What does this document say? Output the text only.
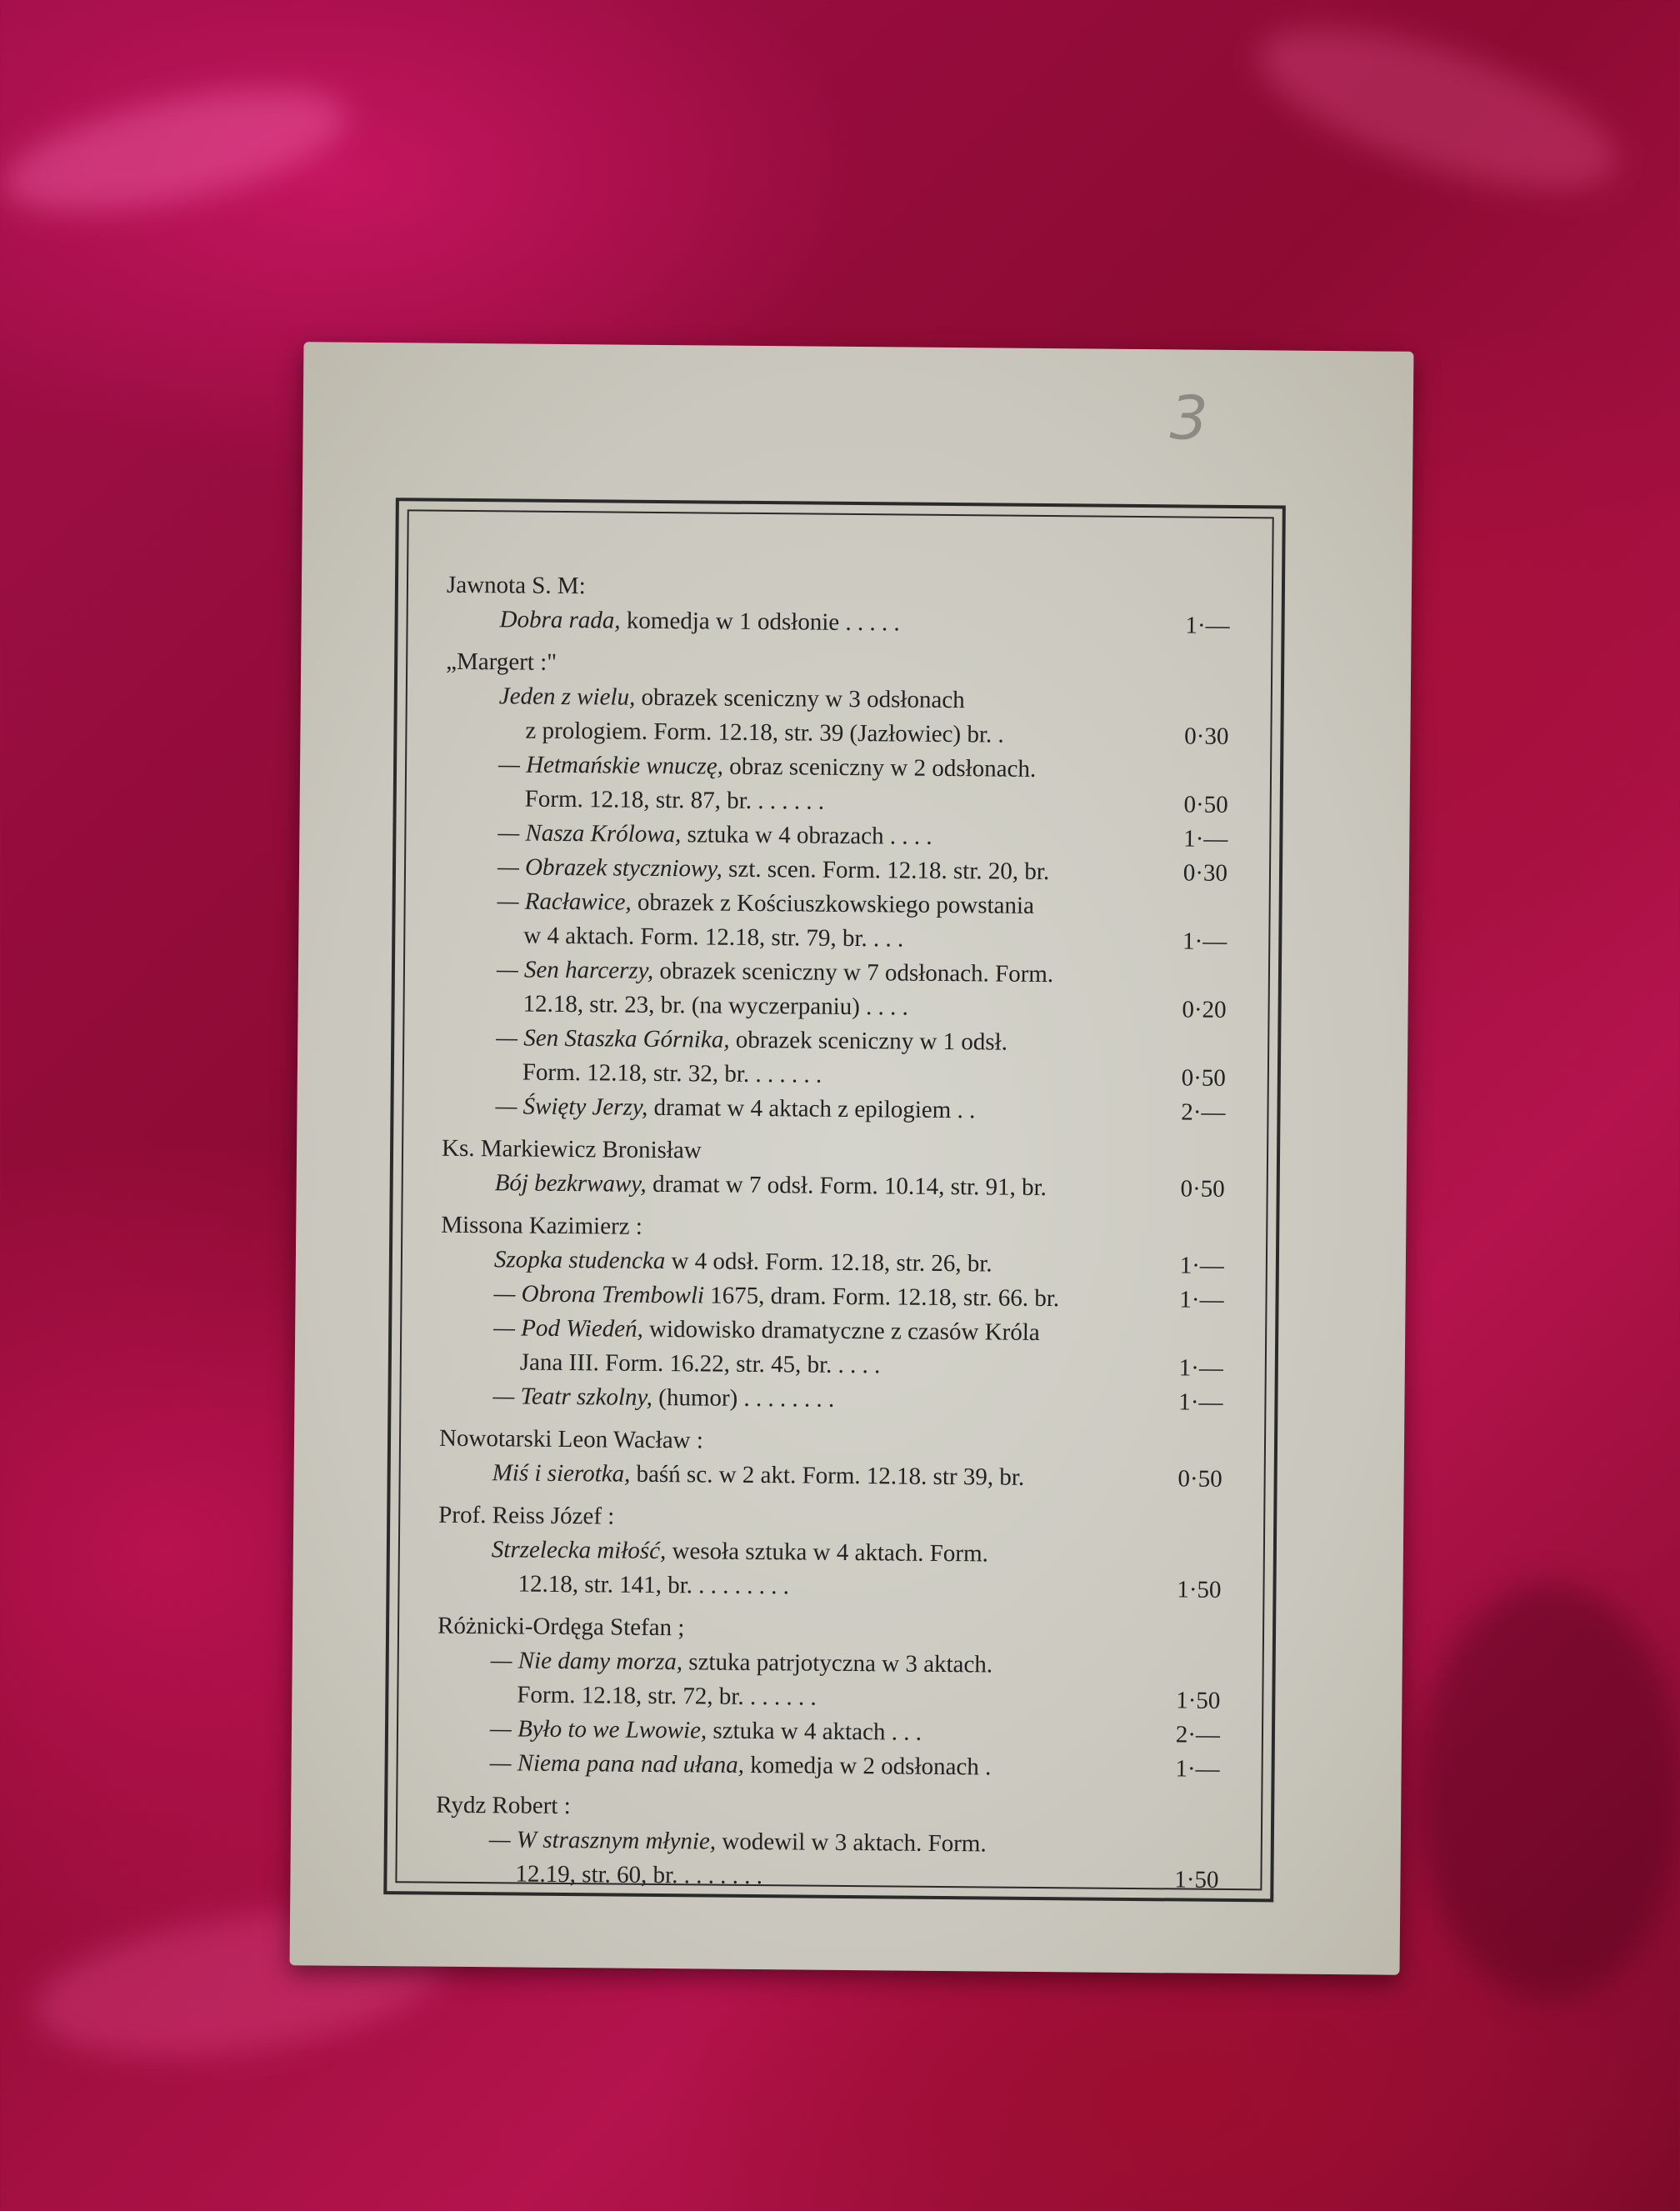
3
Jawnota S. M:
Dobra rada, komedja w 1 odsłonie . . . . .	1·—
„Margert :"
Jeden z wielu, obrazek sceniczny w 3 odsłonach
z prologiem. Form. 12.18, str. 39 (Jazłowiec) br. .	0·30
— Hetmańskie wnuczę, obraz sceniczny w 2 odsłonach.
Form. 12.18, str. 87, br. . . . . . .	0·50
— Nasza Królowa, sztuka w 4 obrazach . . . .	1·—
— Obrazek styczniowy, szt. scen. Form. 12.18. str. 20, br.	0·30
— Racławice, obrazek z Kościuszkowskiego powstania
w 4 aktach. Form. 12.18, str. 79, br. . . .	1·—
— Sen harcerzy, obrazek sceniczny w 7 odsłonach. Form.
12.18, str. 23, br. (na wyczerpaniu) . . . .	0·20
— Sen Staszka Górnika, obrazek sceniczny w 1 odsł.
Form. 12.18, str. 32, br. . . . . . .	0·50
— Święty Jerzy, dramat w 4 aktach z epilogiem . .	2·—
Ks. Markiewicz Bronisław
Bój bezkrwawy, dramat w 7 odsł. Form. 10.14, str. 91, br.	0·50
Missona Kazimierz :
Szopka studencka w 4 odsł. Form. 12.18, str. 26, br.	1·—
— Obrona Trembowli 1675, dram. Form. 12.18, str. 66. br.	1·—
— Pod Wiedeń, widowisko dramatyczne z czasów Króla
Jana III. Form. 16.22, str. 45, br. . . . .	1·—
— Teatr szkolny, (humor) . . . . . . . .	1·—
Nowotarski Leon Wacław :
Miś i sierotka, baśń sc. w 2 akt. Form. 12.18. str 39, br.	0·50
Prof. Reiss Józef :
Strzelecka miłość, wesoła sztuka w 4 aktach. Form.
12.18, str. 141, br. . . . . . . . .	1·50
Różnicki-Ordęga Stefan ;
— Nie damy morza, sztuka patrjotyczna w 3 aktach.
Form. 12.18, str. 72, br. . . . . . .	1·50
— Było to we Lwowie, sztuka w 4 aktach . . .	2·—
— Niema pana nad ułana, komedja w 2 odsłonach .	1·—
Rydz Robert :
— W strasznym młynie, wodewil w 3 aktach. Form.
12.19, str. 60, br. . . . . . . .	1·50
